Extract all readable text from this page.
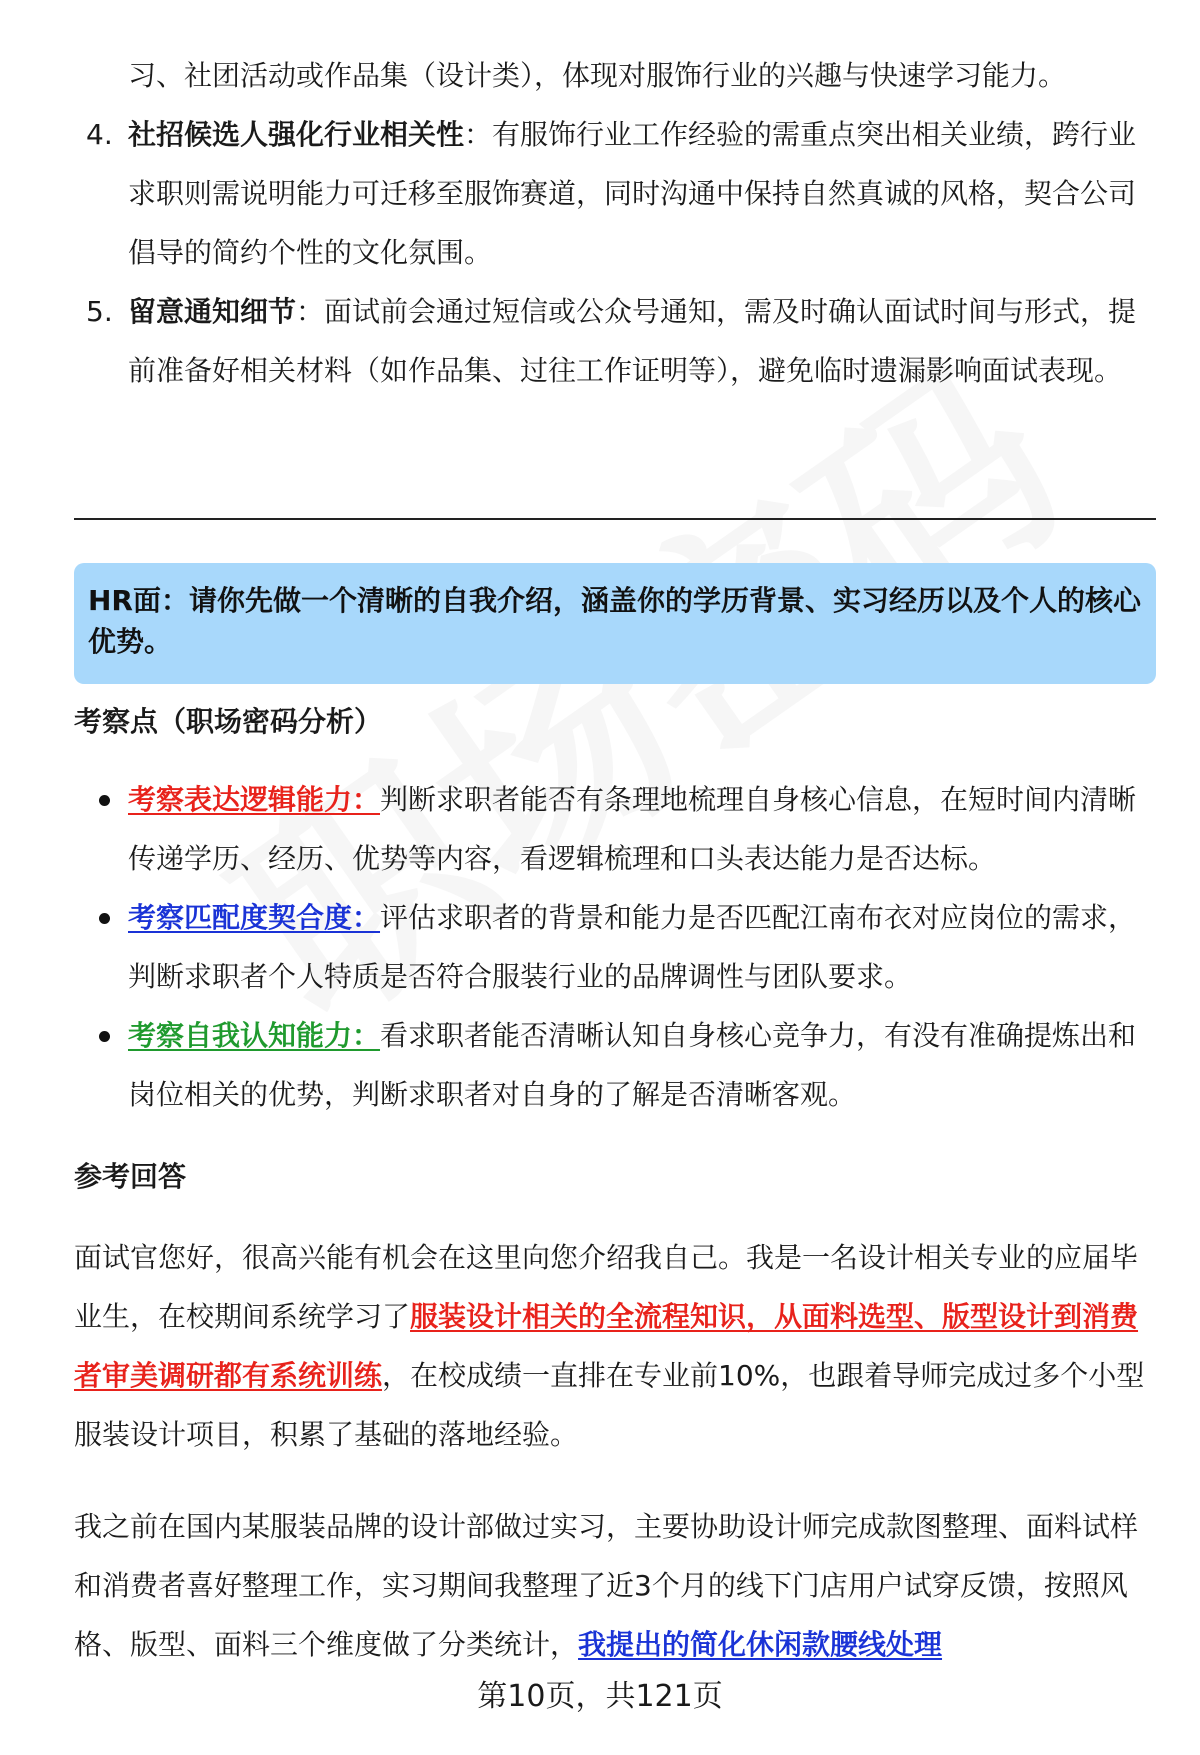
习、社团活动或作品集（设计类），体现对服饰行业的兴趣与快速学习能力。
4. 社招候选人强化行业相关性：有服饰行业工作经验的需重点突出相关业绩，跨行业求职则需说明能力可迁移至服饰赛道，同时沟通中保持自然真诚的风格，契合公司倡导的简约个性的文化氛围。
5. 留意通知细节：面试前会通过短信或公众号通知，需及时确认面试时间与形式，提前准备好相关材料（如作品集、过往工作证明等），避免临时遗漏影响面试表现。
HR面：请你先做一个清晰的自我介绍，涵盖你的学历背景、实习经历以及个人的核心优势。
考察点（职场密码分析）
考察表达逻辑能力：判断求职者能否有条理地梳理自身核心信息，在短时间内清晰传递学历、经历、优势等内容，看逻辑梳理和口头表达能力是否达标。
考察匹配度契合度：评估求职者的背景和能力是否匹配江南布衣对应岗位的需求，判断求职者个人特质是否符合服装行业的品牌调性与团队要求。
考察自我认知能力：看求职者能否清晰认知自身核心竞争力，有没有准确提炼出和岗位相关的优势，判断求职者对自身的了解是否清晰客观。
参考回答
面试官您好，很高兴能有机会在这里向您介绍我自己。我是一名设计相关专业的应届毕业生，在校期间系统学习了服装设计相关的全流程知识，从面料选型、版型设计到消费者审美调研都有系统训练，在校成绩一直排在专业前10%，也跟着导师完成过多个小型服装设计项目，积累了基础的落地经验。
我之前在国内某服装品牌的设计部做过实习，主要协助设计师完成款图整理、面料试样和消费者喜好整理工作，实习期间我整理了近3个月的线下门店用户试穿反馈，按照风格、版型、面料三个维度做了分类统计，我提出的简化休闲款腰线处理
第10页，共121页
